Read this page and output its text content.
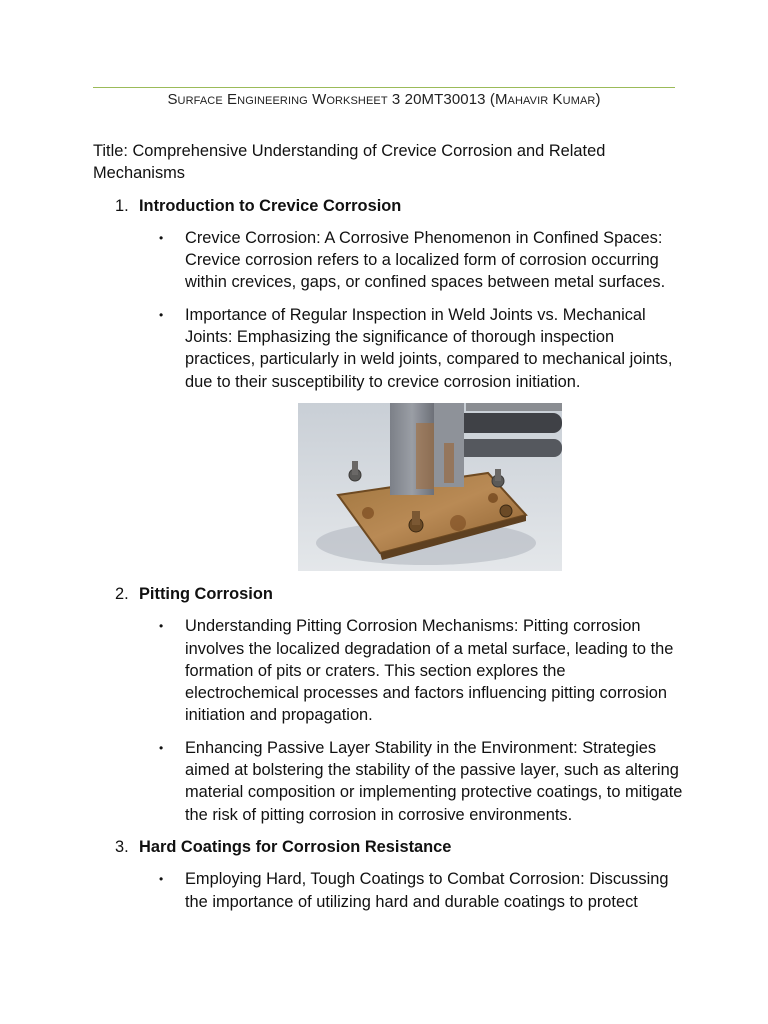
Surface Engineering Worksheet 3 20MT30013 (Mahavir Kumar)

Title: Comprehensive Understanding of Crevice Corrosion and Related Mechanisms

1. Introduction to Crevice Corrosion
• Crevice Corrosion: A Corrosive Phenomenon in Confined Spaces: Crevice corrosion refers to a localized form of corrosion occurring within crevices, gaps, or confined spaces between metal surfaces.
• Importance of Regular Inspection in Weld Joints vs. Mechanical Joints: Emphasizing the significance of thorough inspection practices, particularly in weld joints, compared to mechanical joints, due to their susceptibility to crevice corrosion initiation.
2. Pitting Corrosion
• Understanding Pitting Corrosion Mechanisms: Pitting corrosion involves the localized degradation of a metal surface, leading to the formation of pits or craters. This section explores the electrochemical processes and factors influencing pitting corrosion initiation and propagation.
• Enhancing Passive Layer Stability in the Environment: Strategies aimed at bolstering the stability of the passive layer, such as altering material composition or implementing protective coatings, to mitigate the risk of pitting corrosion in corrosive environments.
3. Hard Coatings for Corrosion Resistance
• Employing Hard, Tough Coatings to Combat Corrosion: Discussing the importance of utilizing hard and durable coatings to protect
